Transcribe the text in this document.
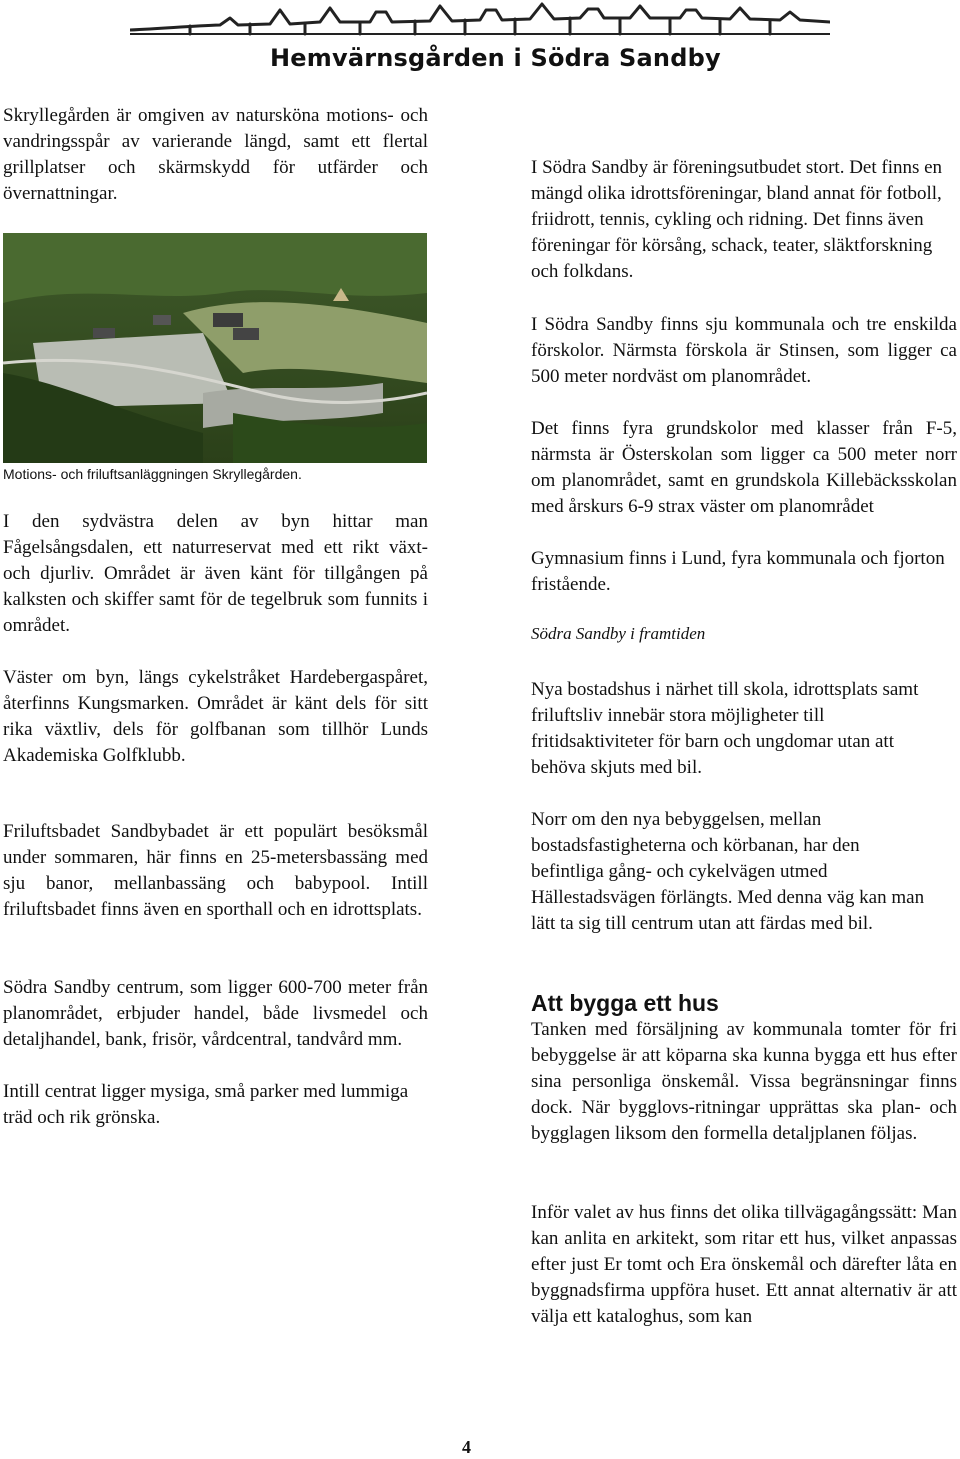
Hemvärnsgården i Södra Sandby

Skryllegården är omgiven av natursköna motions- och vandringsspår av varierande längd, samt ett flertal grillplatser och skärmskydd för utfärder och övernattningar.

Motions- och friluftsanläggningen Skryllegården.

I den sydvästra delen av byn hittar man Fågelsångsdalen, ett naturreservat med ett rikt växt- och djurliv. Området är även känt för tillgången på kalksten och skiffer samt för de tegelbruk som funnits i området.

Väster om byn, längs cykelstråket Hardebergaspåret, återfinns Kungsmarken. Området är känt dels för sitt rika växtliv, dels för golfbanan som tillhör Lunds Akademiska Golfklubb.

Friluftsbadet Sandbybadet är ett populärt besöksmål under sommaren, här finns en 25-metersbassäng med sju banor, mellanbassäng och babypool. Intill friluftsbadet finns även en sporthall och en idrottsplats.

Södra Sandby centrum, som ligger 600-700 meter från planområdet, erbjuder handel, både livsmedel och detaljhandel, bank, frisör, vårdcentral, tandvård mm.

Intill centrat ligger mysiga, små parker med lummiga träd och rik grönska.

I Södra Sandby är föreningsutbudet stort. Det finns en mängd olika idrottsföreningar, bland annat för fotboll, friidrott, tennis, cykling och ridning. Det finns även föreningar för körsång, schack, teater, släktforskning och folkdans.

I Södra Sandby finns sju kommunala och tre enskilda förskolor. Närmsta förskola är Stinsen, som ligger ca 500 meter nordväst om planområdet.

Det finns fyra grundskolor med klasser från F-5, närmsta är Österskolan som ligger ca 500 meter norr om planområdet, samt en grundskola Killebäcksskolan med årskurs 6-9 strax väster om planområdet

Gymnasium finns i Lund, fyra kommunala och fjorton fristående.

Södra Sandby i framtiden

Nya bostadshus i närhet till skola, idrottsplats samt friluftsliv innebär stora möjligheter till fritidsaktiviteter för barn och ungdomar utan att behöva skjuts med bil.

Norr om den nya bebyggelsen, mellan bostadsfastigheterna och körbanan, har den befintliga gång- och cykelvägen utmed Hällestadsvägen förlängts. Med denna väg kan man lätt ta sig till centrum utan att färdas med bil.

Att bygga ett hus

Tanken med försäljning av kommunala tomter för fri bebyggelse är att köparna ska kunna bygga ett hus efter sina personliga önskemål. Vissa begränsningar finns dock. När bygglovs-ritningar upprättas ska plan- och bygglagen liksom den formella detaljplanen följas.

Inför valet av hus finns det olika tillvägagångssätt: Man kan anlita en arkitekt, som ritar ett hus, vilket anpassas efter just Er tomt och Era önskemål och därefter låta en byggnadsfirma uppföra huset. Ett annat alternativ är att välja ett kataloghus, som kan

4
